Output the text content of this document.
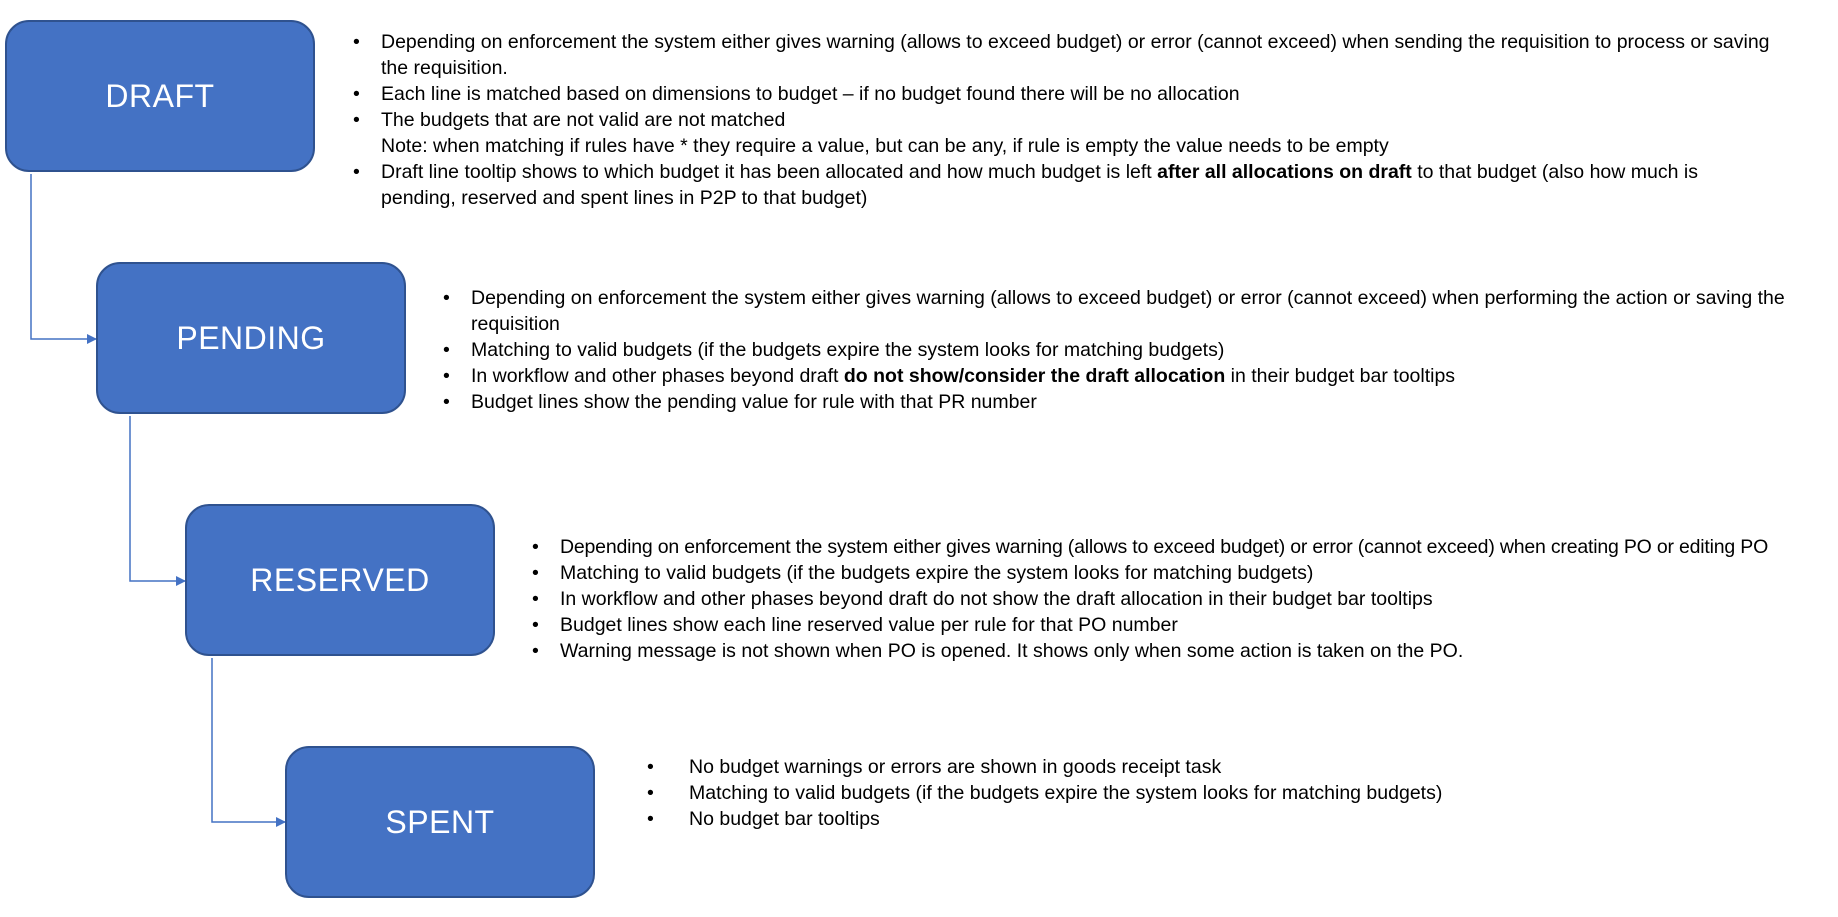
DRAFT
• Depending on enforcement the system either gives warning (allows to exceed budget) or error (cannot exceed) when sending the requisition to process or saving the requisition.
• Each line is matched based on dimensions to budget – if no budget found there will be no allocation
• The budgets that are not valid are not matched
Note: when matching if rules have * they require a value, but can be any, if rule is empty the value needs to be empty
• Draft line tooltip shows to which budget it has been allocated and how much budget is left after all allocations on draft to that budget (also how much is pending, reserved and spent lines in P2P to that budget)
PENDING
• Depending on enforcement the system either gives warning (allows to exceed budget) or error (cannot exceed) when performing the action or saving the requisition
• Matching to valid budgets (if the budgets expire the system looks for matching budgets)
• In workflow and other phases beyond draft do not show/consider the draft allocation in their budget bar tooltips
• Budget lines show the pending value for rule with that PR number
RESERVED
• Depending on enforcement the system either gives warning (allows to exceed budget) or error (cannot exceed) when creating PO or editing PO
• Matching to valid budgets (if the budgets expire the system looks for matching budgets)
• In workflow and other phases beyond draft do not show the draft allocation in their budget bar tooltips
• Budget lines show each line reserved value per rule for that PO number
• Warning message is not shown when PO is opened. It shows only when some action is taken on the PO.
SPENT
• No budget warnings or errors are shown in goods receipt task
• Matching to valid budgets (if the budgets expire the system looks for matching budgets)
• No budget bar tooltips
